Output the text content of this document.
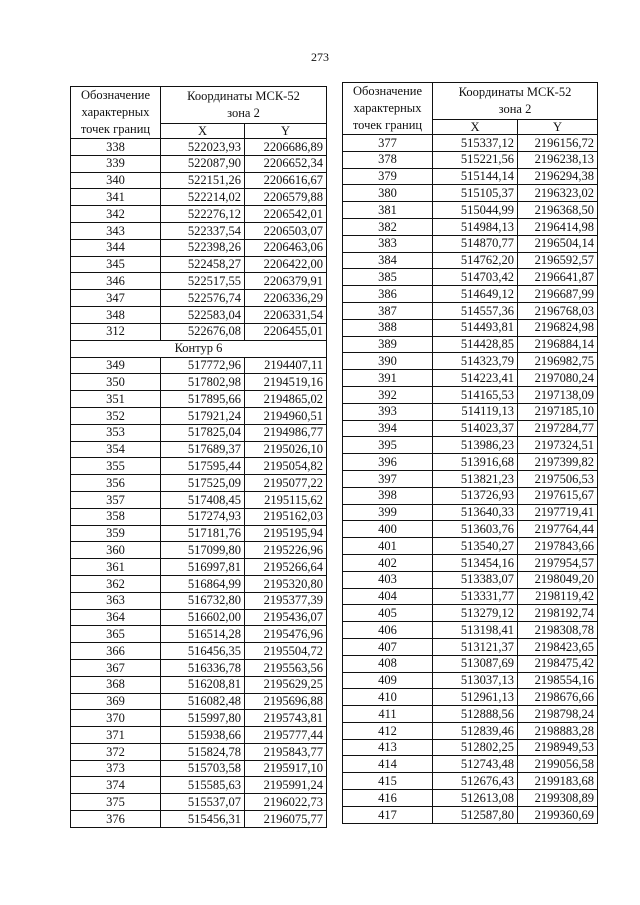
273
Обозначение
характерных
точек границ	Координаты МСК-52
зона 2	
	X	Y
338	522023,93	2206686,89
339	522087,90	2206652,34
340	522151,26	2206616,67
341	522214,02	2206579,88
342	522276,12	2206542,01
343	522337,54	2206503,07
344	522398,26	2206463,06
345	522458,27	2206422,00
346	522517,55	2206379,91
347	522576,74	2206336,29
348	522583,04	2206331,54
312	522676,08	2206455,01
Контур 6		
349	517772,96	2194407,11
350	517802,98	2194519,16
351	517895,66	2194865,02
352	517921,24	2194960,51
353	517825,04	2194986,77
354	517689,37	2195026,10
355	517595,44	2195054,82
356	517525,09	2195077,22
357	517408,45	2195115,62
358	517274,93	2195162,03
359	517181,76	2195195,94
360	517099,80	2195226,96
361	516997,81	2195266,64
362	516864,99	2195320,80
363	516732,80	2195377,39
364	516602,00	2195436,07
365	516514,28	2195476,96
366	516456,35	2195504,72
367	516336,78	2195563,56
368	516208,81	2195629,25
369	516082,48	2195696,88
370	515997,80	2195743,81
371	515938,66	2195777,44
372	515824,78	2195843,77
373	515703,58	2195917,10
374	515585,63	2195991,24
375	515537,07	2196022,73
376	515456,31	2196075,77
Обозначение
характерных
точек границ	Координаты МСК-52
зона 2	
	X	Y
377	515337,12	2196156,72
378	515221,56	2196238,13
379	515144,14	2196294,38
380	515105,37	2196323,02
381	515044,99	2196368,50
382	514984,13	2196414,98
383	514870,77	2196504,14
384	514762,20	2196592,57
385	514703,42	2196641,87
386	514649,12	2196687,99
387	514557,36	2196768,03
388	514493,81	2196824,98
389	514428,85	2196884,14
390	514323,79	2196982,75
391	514223,41	2197080,24
392	514165,53	2197138,09
393	514119,13	2197185,10
394	514023,37	2197284,77
395	513986,23	2197324,51
396	513916,68	2197399,82
397	513821,23	2197506,53
398	513726,93	2197615,67
399	513640,33	2197719,41
400	513603,76	2197764,44
401	513540,27	2197843,66
402	513454,16	2197954,57
403	513383,07	2198049,20
404	513331,77	2198119,42
405	513279,12	2198192,74
406	513198,41	2198308,78
407	513121,37	2198423,65
408	513087,69	2198475,42
409	513037,13	2198554,16
410	512961,13	2198676,66
411	512888,56	2198798,24
412	512839,46	2198883,28
413	512802,25	2198949,53
414	512743,48	2199056,58
415	512676,43	2199183,68
416	512613,08	2199308,89
417	512587,80	2199360,69
